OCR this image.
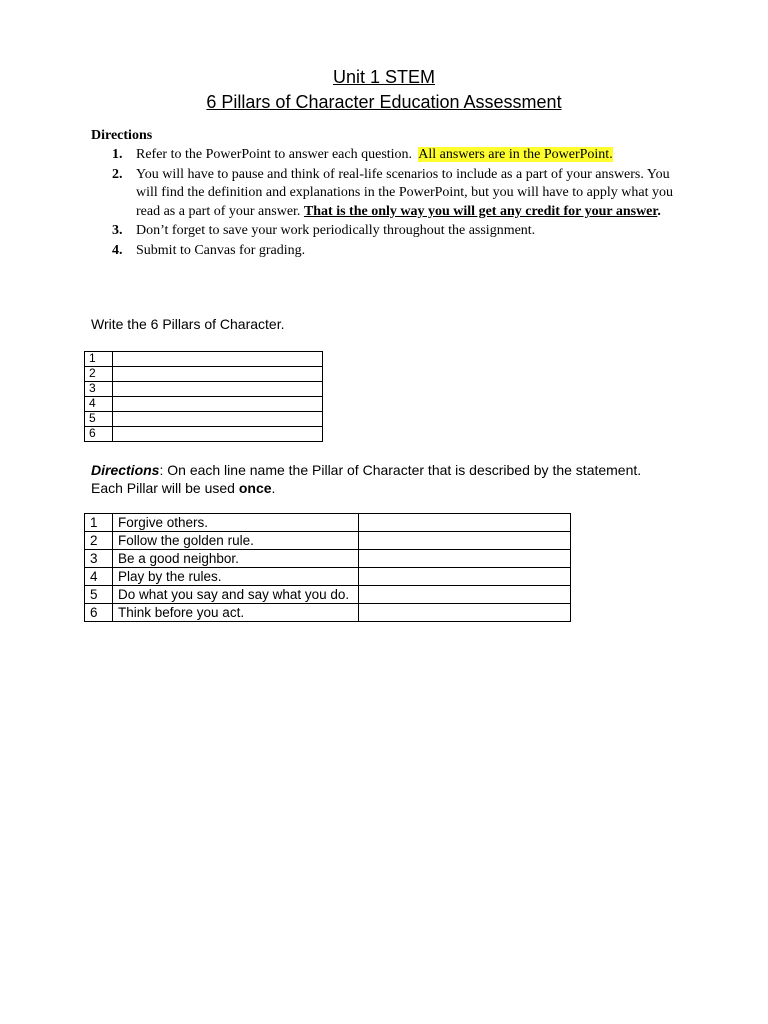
Unit 1 STEM
6 Pillars of Character Education Assessment
Directions
1. Refer to the PowerPoint to answer each question. All answers are in the PowerPoint.
2. You will have to pause and think of real-life scenarios to include as a part of your answers. You will find the definition and explanations in the PowerPoint, but you will have to apply what you read as a part of your answer. That is the only way you will get any credit for your answer.
3. Don’t forget to save your work periodically throughout the assignment.
4. Submit to Canvas for grading.
Write the 6 Pillars of Character.
1	
2	
3	
4	
5	
6	
Directions: On each line name the Pillar of Character that is described by the statement. Each Pillar will be used once.
1	Forgive others.	
2	Follow the golden rule.	
3	Be a good neighbor.	
4	Play by the rules.	
5	Do what you say and say what you do.	
6	Think before you act.	
